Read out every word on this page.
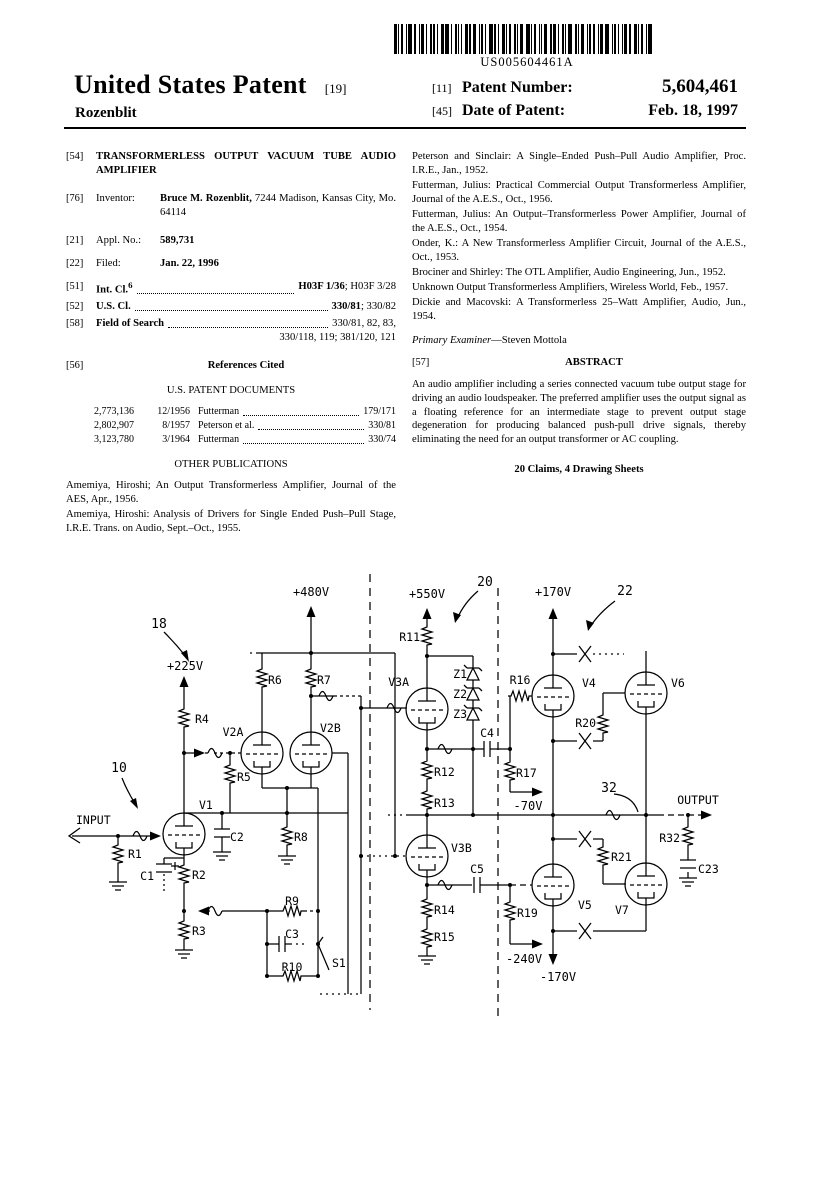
US005604461A
United States Patent [19]
Rozenblit
[11] Patent Number:	5,604,461
[45] Date of Patent:	Feb. 18, 1997
[54]	TRANSFORMERLESS OUTPUT VACUUM TUBE AUDIO AMPLIFIER
[76]	Inventor:	Bruce M. Rozenblit, 7244 Madison, Kansas City, Mo. 64114
[21]	Appl. No.:	589,731
[22]	Filed:	Jan. 22, 1996
[51]	Int. Cl.$^6$	H03F 1/36; H03F 3/28
[52]	U.S. Cl.	330/81; 330/82
[58]	Field of Search	330/81, 82, 83,
330/118, 119; 381/120, 121
[56]	References Cited
U.S. PATENT DOCUMENTS
2,773,136	12/1956 Futterman	179/171
2,802,907	8/1957 Peterson et al.	330/81
3,123,780	3/1964 Futterman	330/74
OTHER PUBLICATIONS

Amemiya, Hiroshi; An Output Transformerless Amplifier, Journal of the AES, Apr., 1956.

Amemiya, Hiroshi: Analysis of Drivers for Single Ended Push–Pull Stage, I.R.E. Trans. on Audio, Sept.–Oct., 1955.

Peterson and Sinclair: A Single–Ended Push–Pull Audio Amplifier, Proc. I.R.E., Jan., 1952.

Futterman, Julius: Practical Commercial Output Transformerless Amplifier, Journal of the A.E.S., Oct., 1956.

Futterman, Julius: An Output–Transformerless Power Amplifier, Journal of the A.E.S., Oct., 1954.

Onder, K.: A New Transformerless Amplifier Circuit, Journal of the A.E.S., Oct., 1953.

Brociner and Shirley: The OTL Amplifier, Audio Engineering, Jun., 1952.

Unknown Output Transformerless Amplifiers, Wireless World, Feb., 1957.

Dickie and Macovski: A Transformerless 25–Watt Amplifier, Audio, Jun., 1954.

Primary Examiner—Steven Mottola
[57]	ABSTRACT

An audio amplifier including a series connected vacuum tube output stage for driving an audio loudspeaker. The preferred amplifier uses the output signal as a floating reference for an intermediate stage to prevent output stage degeneration for producing balanced push-pull drive signals, thereby eliminating the need for an output transformer or AC coupling.

20 Claims, 4 Drawing Sheets
18
+225V
R4
10
INPUT
R1
V1
C1	R2
R3
V2A
R5
R6	R7
V2B
+480V
C2	R8
R9
C3
R10	S1
20
+550V
R11
V3A
Z1
Z2
Z3
C4
R12
R13	-70V
R17
R16
C5
V3B
R14
R15
R19
-240V
+170V	22
V4	V6
R20
32
OUTPUT
R21
V5 V7
-170V
R32
C23
